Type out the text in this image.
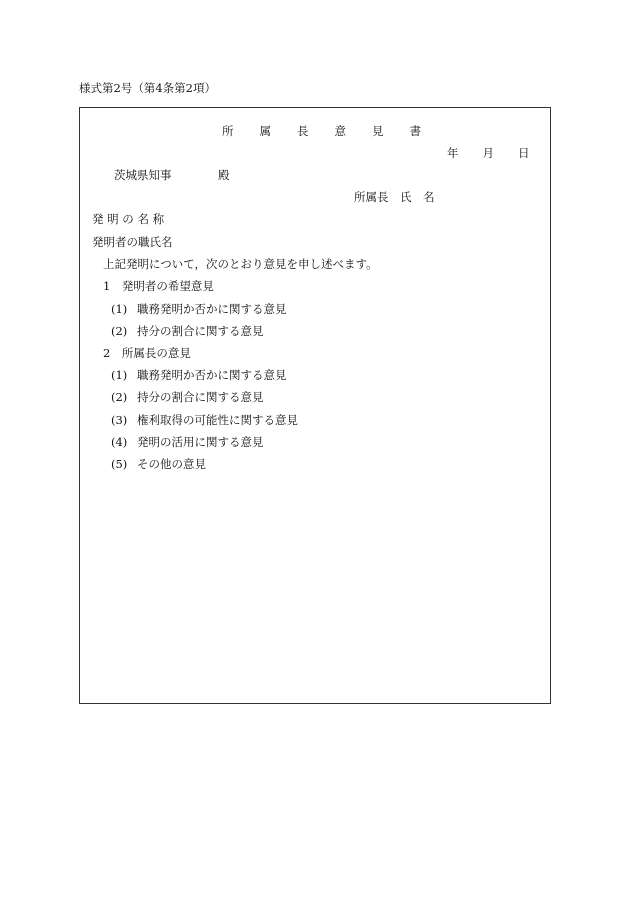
様式第2号（第4条第2項）
所 属 長 意 見 書
年 月 日
茨城県知事	殿
所属長　氏　名
発 明 の 名 称
発明者の職氏名
上記発明について，次のとおり意見を申し述べます。
1　 発明者の希望意見
(1) 職務発明か否かに関する意見
(2) 持分の割合に関する意見
2　 所属長の意見
(1) 職務発明か否かに関する意見
(2) 持分の割合に関する意見
(3) 権利取得の可能性に関する意見
(4) 発明の活用に関する意見
(5) その他の意見
